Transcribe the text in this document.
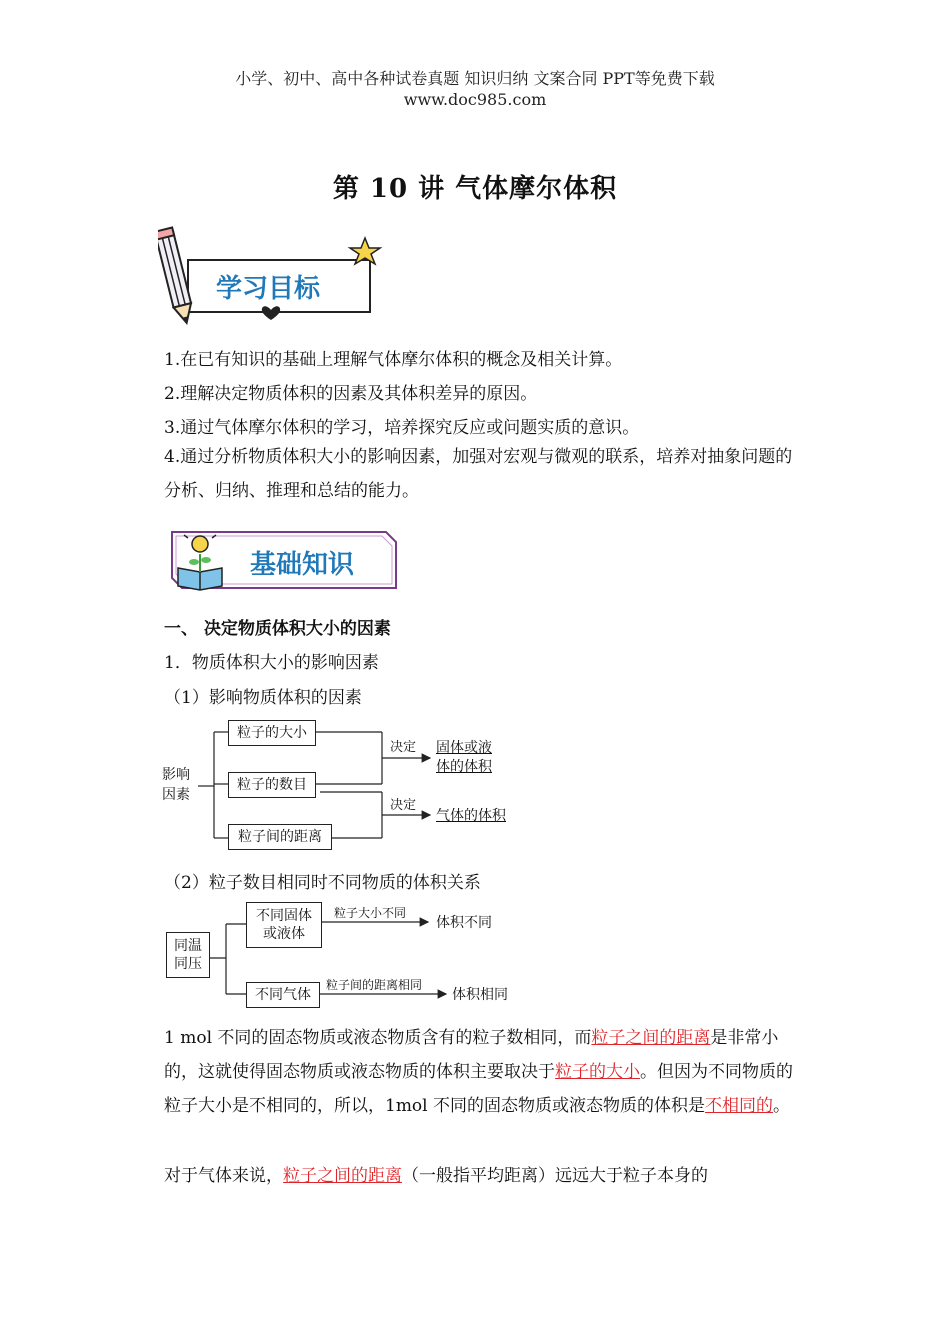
小学、初中、高中各种试卷真题 知识归纳 文案合同 PPT等免费下载
www.doc985.com
第 10 讲 气体摩尔体积
学习目标
1.在已有知识的基础上理解气体摩尔体积的概念及相关计算。
2.理解决定物质体积的因素及其体积差异的原因。
3.通过气体摩尔体积的学习，培养探究反应或问题实质的意识。

4.通过分析物质体积大小的影响因素，加强对宏观与微观的联系，培养对抽象问题的分析、归纳、推理和总结的能力。

基础知识
一、 决定物质体积大小的因素
1．物质体积大小的影响因素
（1）影响物质体积的因素
影响
因素
粒子的大小
粒子的数目
粒子间的距离
决定
决定
固体或液
体的体积
气体的体积
（2）粒子数目相同时不同物质的体积关系
同温
同压
不同固体
或液体
不同气体
粒子大小不同
粒子间的距离相同
体积不同
体积相同

1 mol 不同的固态物质或液态物质含有的粒子数相同，而粒子之间的距离是非常小的，这就使得固态物质或液态物质的体积主要取决于粒子的大小。但因为不同物质的粒子大小是不相同的，所以，1mol 不同的固态物质或液态物质的体积是不相同的。

对于气体来说，粒子之间的距离（一般指平均距离）远远大于粒子本身的
